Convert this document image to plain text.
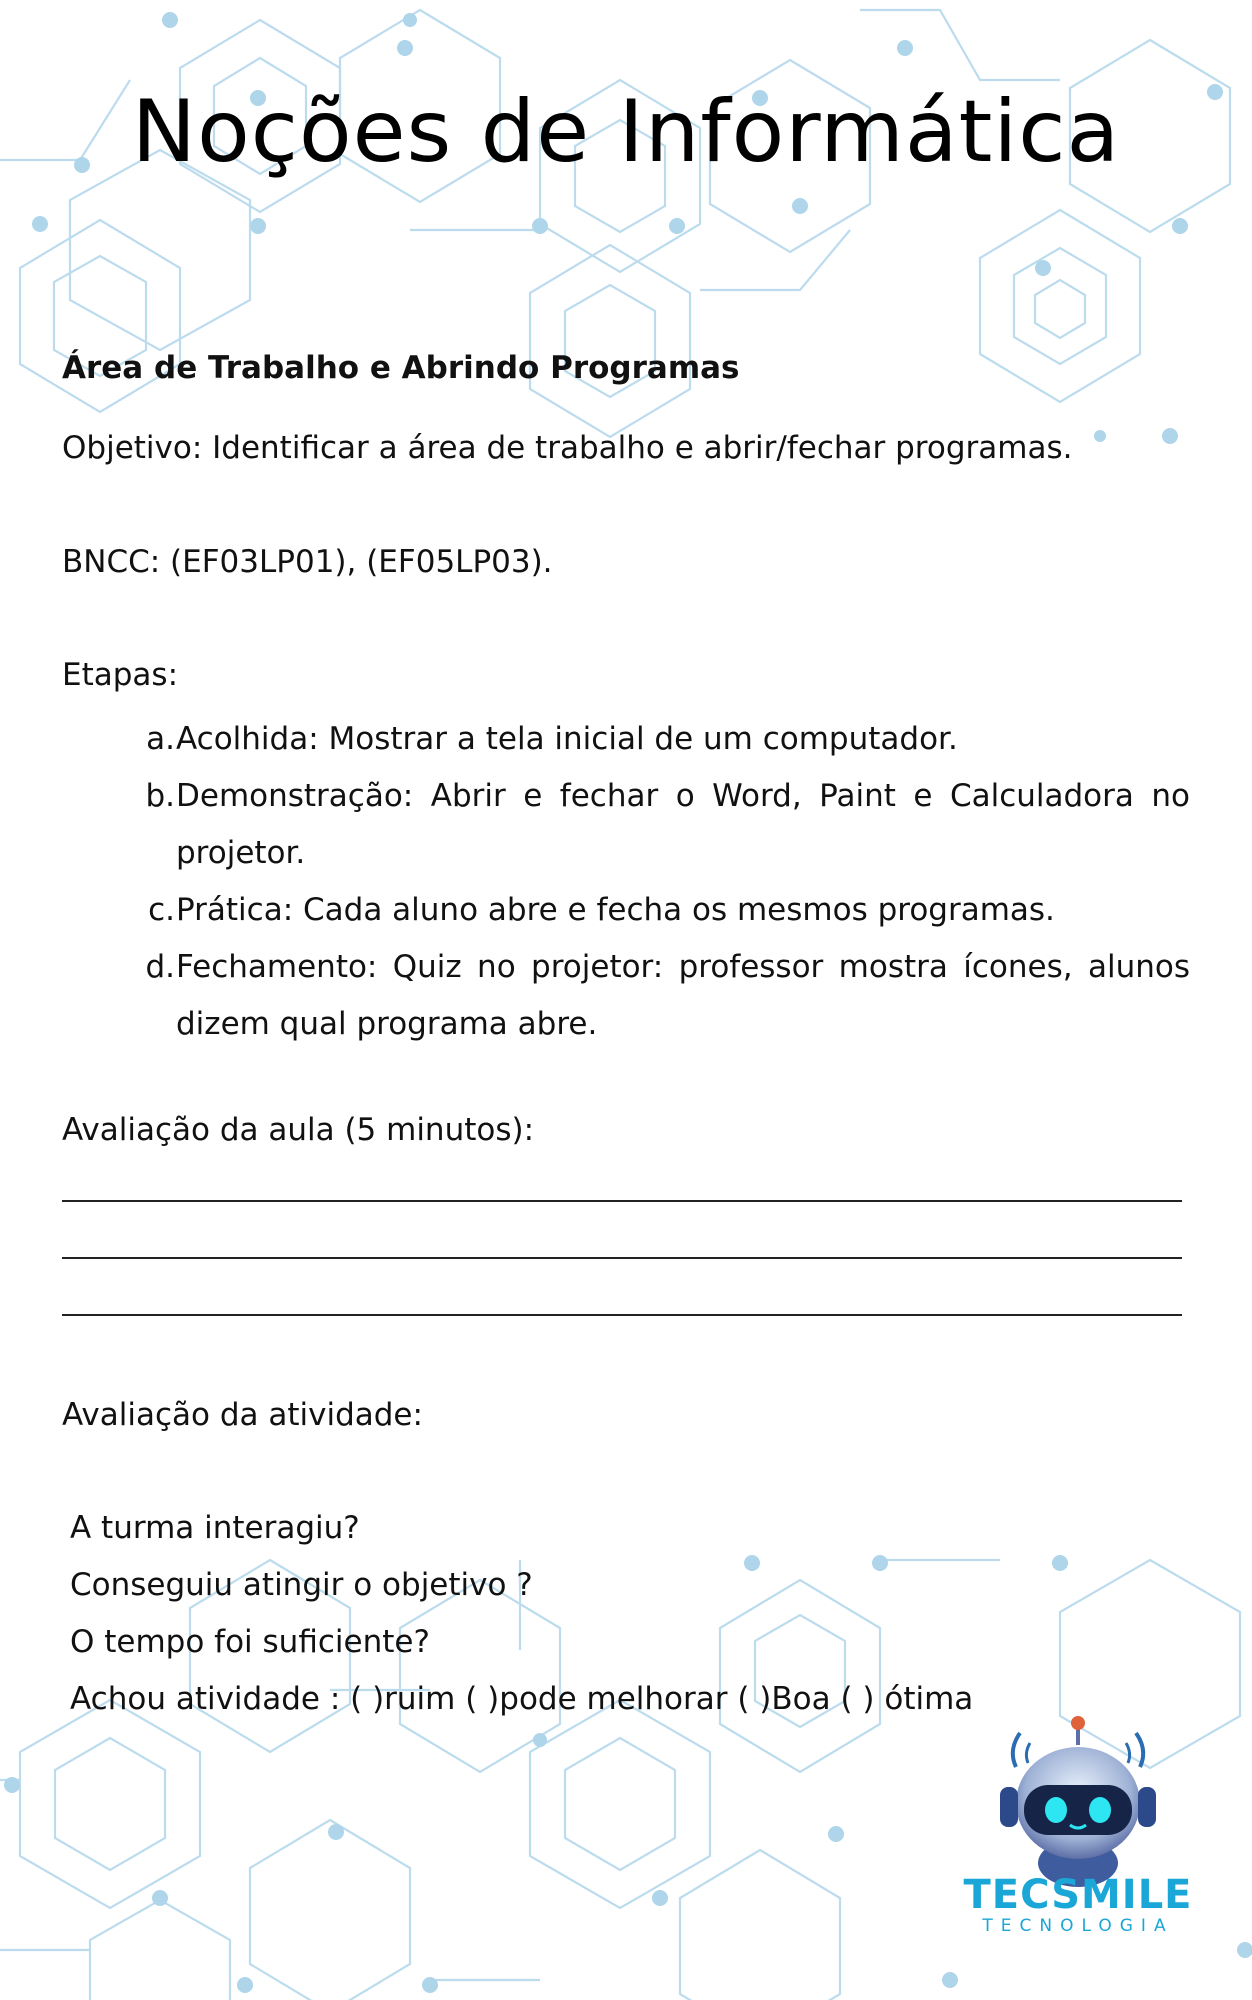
Noções de Informática

Área de Trabalho e Abrindo Programas

Objetivo: Identificar a área de trabalho e abrir/fechar programas.

BNCC: (EF03LP01), (EF05LP03).

Etapas:

a. Acolhida: Mostrar a tela inicial de um computador.
b. Demonstração: Abrir e fechar o Word, Paint e Calculadora no projetor.
c. Prática: Cada aluno abre e fecha os mesmos programas.
d. Fechamento: Quiz no projetor: professor mostra ícones, alunos dizem qual programa abre.

Avaliação da aula (5 minutos):

Avaliação da atividade:

A turma interagiu?

Conseguiu atingir o objetivo ?

O tempo foi suficiente?

Achou atividade : ( )ruim ( )pode melhorar ( )Boa ( ) ótima

TECSMILE
TECNOLOGIA
